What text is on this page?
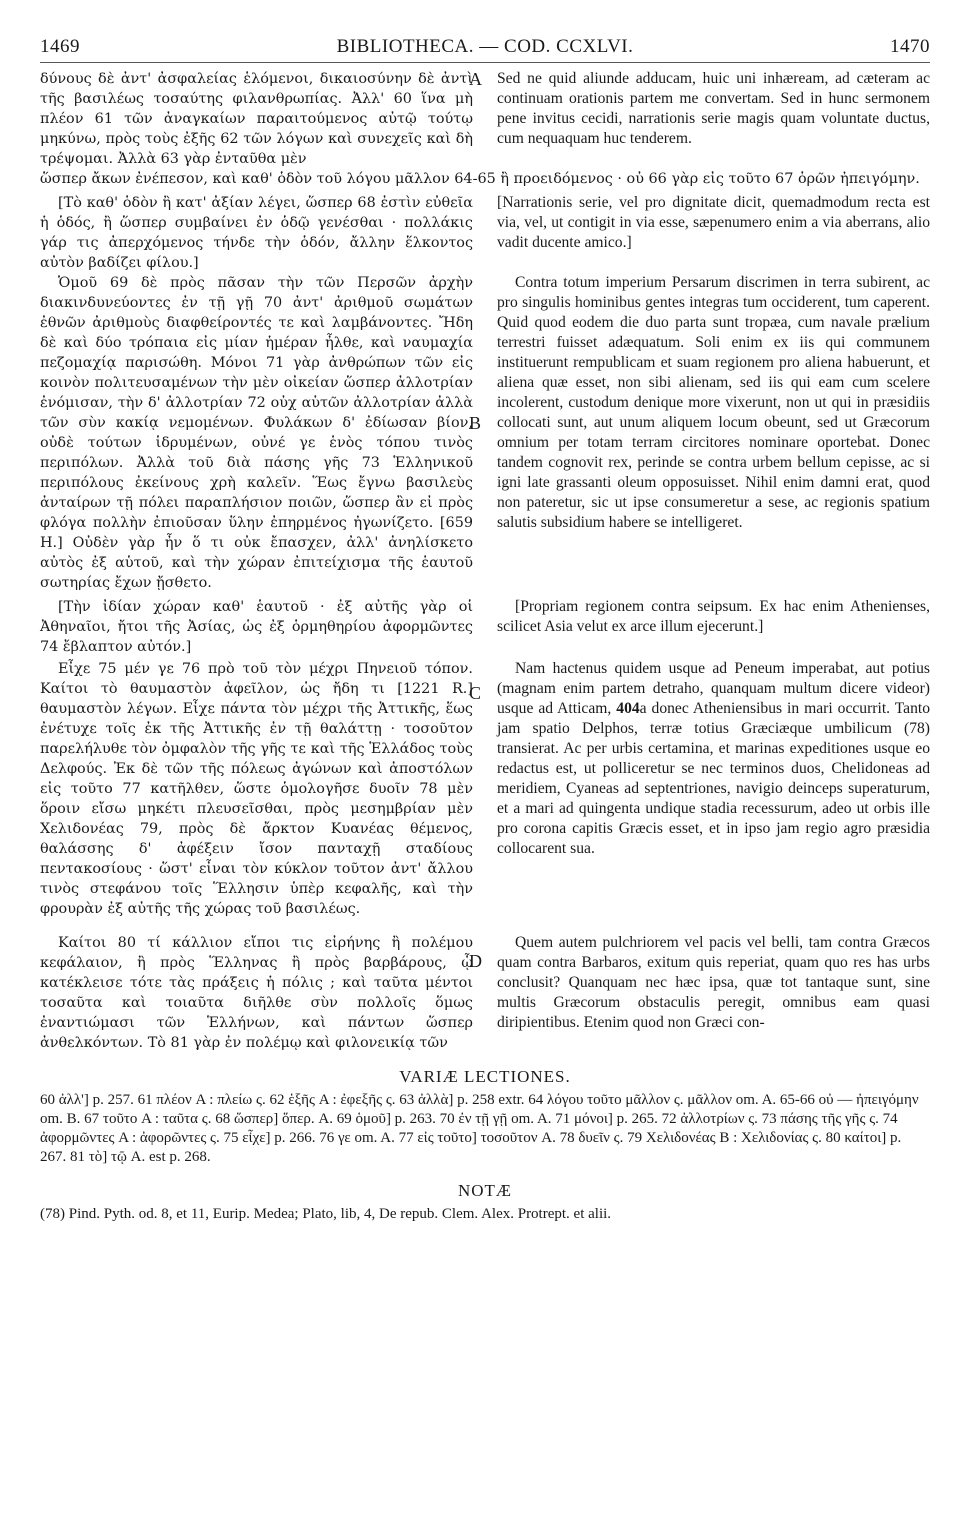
1469	BIBLIOTHECA. — COD. CCXLVI.	1470
A

δύνους δὲ ἀντ' ἀσφαλείας ἑλόμενοι, δικαιοσύνην δὲ ἀντὶ τῆς βασιλέως τοσαύτης φιλανθρωπίας. Ἀλλ' 60 ἵνα μὴ πλέον 61 τῶν ἀναγκαίων παραιτούμενος αὐτῷ τούτῳ μηκύνω, πρὸς τοὺς ἐξῆς 62 τῶν λόγων καὶ συνεχεῖς καὶ δὴ τρέψομαι. Ἀλλὰ 63 γὰρ ἐνταῦθα μὲν

Sed ne quid aliunde adducam, huic uni inhæream, ad cæteram ac continuam orationis partem me convertam. Sed in hunc sermonem pene invitus cecidi, narrationis serie magis quam voluntate ductus, cum nequaquam huc tenderem.

ὥσπερ ἄκων ἐνέπεσον, καὶ καθ' ὁδὸν τοῦ λόγου μᾶλλον 64-65 ἢ προειδόμενος · οὐ 66 γὰρ εἰς τοῦτο 67 ὁρῶν ἠπειγόμην.

[Τὸ καθ' ὁδὸν ἢ κατ' ἀξίαν λέγει, ὥσπερ 68 ἐστὶν εὐθεῖα ἡ ὁδός, ἢ ὥσπερ συμβαίνει ἐν ὁδῷ γενέσθαι · πολλάκις γάρ τις ἀπερχόμενος τήνδε τὴν ὁδόν, ἄλλην ἕλκοντος αὐτὸν βαδίζει φίλου.]

[Narrationis serie, vel pro dignitate dicit, quemadmodum recta est via, vel, ut contigit in via esse, sæpenumero enim a via aberrans, alio vadit ducente amico.]

B

Ὁμοῦ 69 δὲ πρὸς πᾶσαν τὴν τῶν Περσῶν ἀρχὴν διακινδυνεύοντες ἐν τῇ γῇ 70 ἀντ' ἀριθμοῦ σωμάτων ἐθνῶν ἀριθμοὺς διαφθείροντές τε καὶ λαμβάνοντες. Ἤδη δὲ καὶ δύο τρόπαια εἰς μίαν ἡμέραν ἦλθε, καὶ ναυμαχία πεζομαχίᾳ παρισώθη. Μόνοι 71 γὰρ ἀνθρώπων τῶν εἰς κοινὸν πολιτευσαμένων τὴν μὲν οἰκείαν ὥσπερ ἀλλοτρίαν ἐνόμισαν, τὴν δ' ἀλλοτρίαν 72 οὐχ αὑτῶν ἀλλοτρίαν ἀλλὰ τῶν σὺν κακίᾳ νεμομένων. Φυλάκων δ' ἐδίωσαν βίον, οὐδὲ τούτων ἱδρυμένων, οὐνέ γε ἑνὸς τόπου τινὸς περιπόλων. Ἀλλὰ τοῦ διὰ πάσης γῆς 73 Ἑλληνικοῦ περιπόλους ἐκείνους χρὴ καλεῖν. Ἕως ἔγνω βασιλεὺς ἀνταίρων τῇ πόλει παραπλήσιον ποιῶν, ὥσπερ ἂν εἰ πρὸς φλόγα πολλὴν ἐπιοῦσαν ὕλην ἐπηρμένος ἠγωνίζετο. [659 H.] Οὐδὲν γὰρ ἦν ὅ τι οὐκ ἔπασχεν, ἀλλ' ἀνηλίσκετο αὐτὸς ἐξ αὑτοῦ, καὶ τὴν χώραν ἐπιτείχισμα τῆς ἑαυτοῦ σωτηρίας ἔχων ᾔσθετο.

Contra totum imperium Persarum discrimen in terra subirent, ac pro singulis hominibus gentes integras tum occiderent, tum caperent. Quid quod eodem die duo parta sunt tropæa, cum navale prælium terrestri fuisset adæquatum. Soli enim ex iis qui communem instituerunt rempublicam et suam regionem pro aliena habuerunt, et aliena quæ esset, non sibi alienam, sed iis qui eam cum scelere incolerent, custodum denique more vixerunt, non ut qui in præsidiis collocati sunt, aut unum aliquem locum obeunt, sed ut Græcorum omnium per totam terram circitores nominare oportebat. Donec tandem cognovit rex, perinde se contra urbem bellum cepisse, ac si igni late grassanti oleum opposuisset. Nihil enim damni erat, quod non pateretur, sic ut ipse consumeretur a sese, ac regionis spatium salutis subsidium habere se intelligeret.

[Τὴν ἰδίαν χώραν καθ' ἑαυτοῦ · ἐξ αὐτῆς γὰρ οἱ Ἀθηναῖοι, ἤτοι τῆς Ἀσίας, ὡς ἐξ ὁρμηθηρίου ἀφορμῶντες 74 ἔβλαπτον αὐτόν.]

[Propriam regionem contra seipsum. Ex hac enim Athenienses, scilicet Asia velut ex arce illum ejecerunt.]

C

Εἶχε 75 μέν γε 76 πρὸ τοῦ τὸν μέχρι Πηνειοῦ τόπον. Καίτοι τὸ θαυμαστὸν ἀφεῖλον, ὡς ἤδη τι [1221 R.] θαυμαστὸν λέγων. Εἶχε πάντα τὸν μέχρι τῆς Ἀττικῆς, ἕως ἐνέτυχε τοῖς ἐκ τῆς Ἀττικῆς ἐν τῇ θαλάττῃ · τοσοῦτον παρελήλυθε τὸν ὀμφαλὸν τῆς γῆς τε καὶ τῆς Ἑλλάδος τοὺς Δελφούς. Ἐκ δὲ τῶν τῆς πόλεως ἀγώνων καὶ ἀποστόλων εἰς τοῦτο 77 κατῆλθεν, ὥστε ὁμολογῆσε δυοῖν 78 μὲν ὅροιν εἴσω μηκέτι πλευσεῖσθαι, πρὸς μεσημβρίαν μὲν Χελιδονέας 79, πρὸς δὲ ἄρκτον Κυανέας θέμενος, θαλάσσης δ' ἀφέξειν ἴσον πανταχῇ σταδίους πεντακοσίους · ὥστ' εἶναι τὸν κύκλον τοῦτον ἀντ' ἄλλου τινὸς στεφάνου τοῖς Ἕλλησιν ὑπὲρ κεφαλῆς, καὶ τὴν φρουρὰν ἐξ αὐτῆς τῆς χώρας τοῦ βασιλέως.

Nam hactenus quidem usque ad Peneum imperabat, aut potius (magnam enim partem detraho, quanquam multum dicere videor) usque ad Atticam, 404a donec Atheniensibus in mari occurrit. Tanto jam spatio Delphos, terræ totius Græciæque umbilicum (78) transierat. Ac per urbis certamina, et marinas expeditiones usque eo redactus est, ut polliceretur se nec terminos duos, Chelidoneas ad meridiem, Cyaneas ad septentriones, navigio deinceps superaturum, et a mari ad quingenta undique stadia recessurum, adeo ut orbis ille pro corona capitis Græcis esset, et in ipso jam regio agro præsidia collocarent sua.

D

Καίτοι 80 τί κάλλιον εἴποι τις εἰρήνης ἢ πολέμου κεφάλαιον, ἢ πρὸς Ἕλληνας ἢ πρὸς βαρβάρους, ᾧ κατέκλεισε τότε τὰς πράξεις ἡ πόλις ; καὶ ταῦτα μέντοι τοσαῦτα καὶ τοιαῦτα διῆλθε σὺν πολλοῖς ὅμως ἐναντιώμασι τῶν Ἑλλήνων, καὶ πάντων ὥσπερ ἀνθελκόντων. Τὸ 81 γὰρ ἐν πολέμῳ καὶ φιλονεικίᾳ τῶν

Quem autem pulchriorem vel pacis vel belli, tam contra Græcos quam contra Barbaros, exitum quis reperiat, quam quo res has urbs conclusit? Quanquam nec hæc ipsa, quæ tot tantaque sunt, sine multis Græcorum obstaculis peregit, omnibus eam quasi diripientibus. Etenim quod non Græci con-

VARIÆ LECTIONES.

60 ἀλλ'] p. 257. 61 πλέον A : πλείω ς. 62 ἑξῆς A : ἐφεξῆς ς. 63 ἀλλὰ] p. 258 extr. 64 λόγου τοῦτο μᾶλλον ς. μᾶλλον om. A. 65-66 οὐ — ἠπειγόμην om. B. 67 τοῦτο A : ταῦτα ς. 68 ὥσπερ] ὅπερ. A. 69 ὁμοῦ] p. 263. 70 ἐν τῇ γῇ om. A. 71 μόνοι] p. 265. 72 ἀλλοτρίων ς. 73 πάσης τῆς γῆς ς. 74 ἀφορμῶντες A : ἀφορῶντες ς. 75 εἶχε] p. 266. 76 γε om. A. 77 εἰς τοῦτο] τοσοῦτον A. 78 δυεῖν ς. 79 Χελιδονέας B : Χελιδονίας ς. 80 καίτοι] p. 267. 81 τὸ] τῷ A. est p. 268.

NOTÆ

(78) Pind. Pyth. od. 8, et 11, Eurip. Medea; Plato, lib, 4, De repub. Clem. Alex. Protrept. et alii.
